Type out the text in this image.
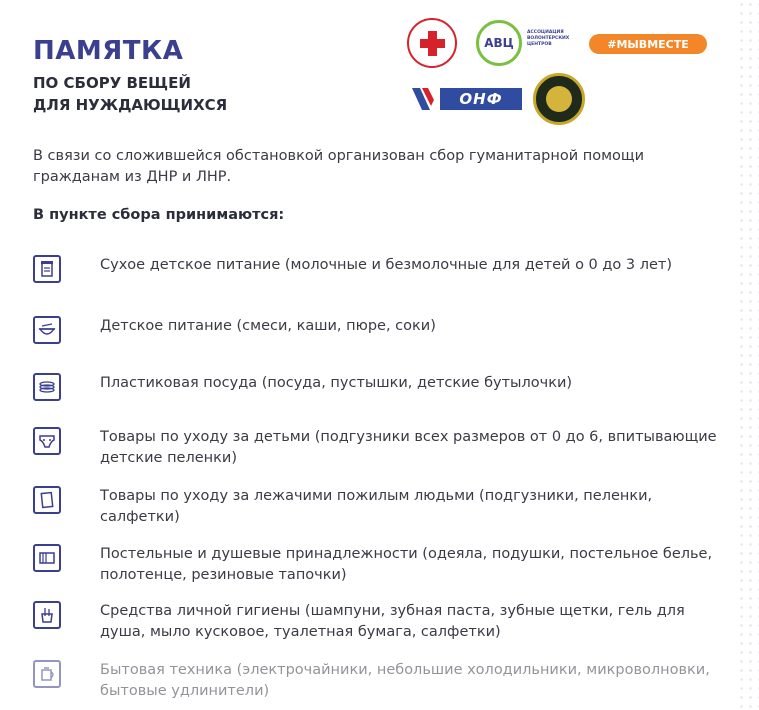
ПАМЯТКА
ПО СБОРУ ВЕЩЕЙ
ДЛЯ НУЖДАЮЩИХСЯ
АВЦ
АССОЦИАЦИЯ ВОЛОНТЕРСКИХ ЦЕНТРОВ	#МЫВМЕСТЕ
ОНФ
В связи со сложившейся обстановкой организован сбор гуманитарной помощи гражданам из ДНР и ЛНР.
В пункте сбора принимаются:
Сухое детское питание (молочные и безмолочные для детей о 0 до 3 лет)
Детское питание (смеси, каши, пюре, соки)
Пластиковая посуда (посуда, пустышки, детские бутылочки)
Товары по уходу за детьми (подгузники всех размеров от 0 до 6, впитывающие детские пеленки)
Товары по уходу за лежачими пожилым людьми (подгузники, пеленки, салфетки)
Постельные и душевые принадлежности (одеяла, подушки, постельное белье, полотенце, резиновые тапочки)
Средства личной гигиены (шампуни, зубная паста, зубные щетки, гель для душа, мыло кусковое, туалетная бумага, салфетки)
Бытовая техника (электрочайники, небольшие холодильники, микроволновки, бытовые удлинители)
